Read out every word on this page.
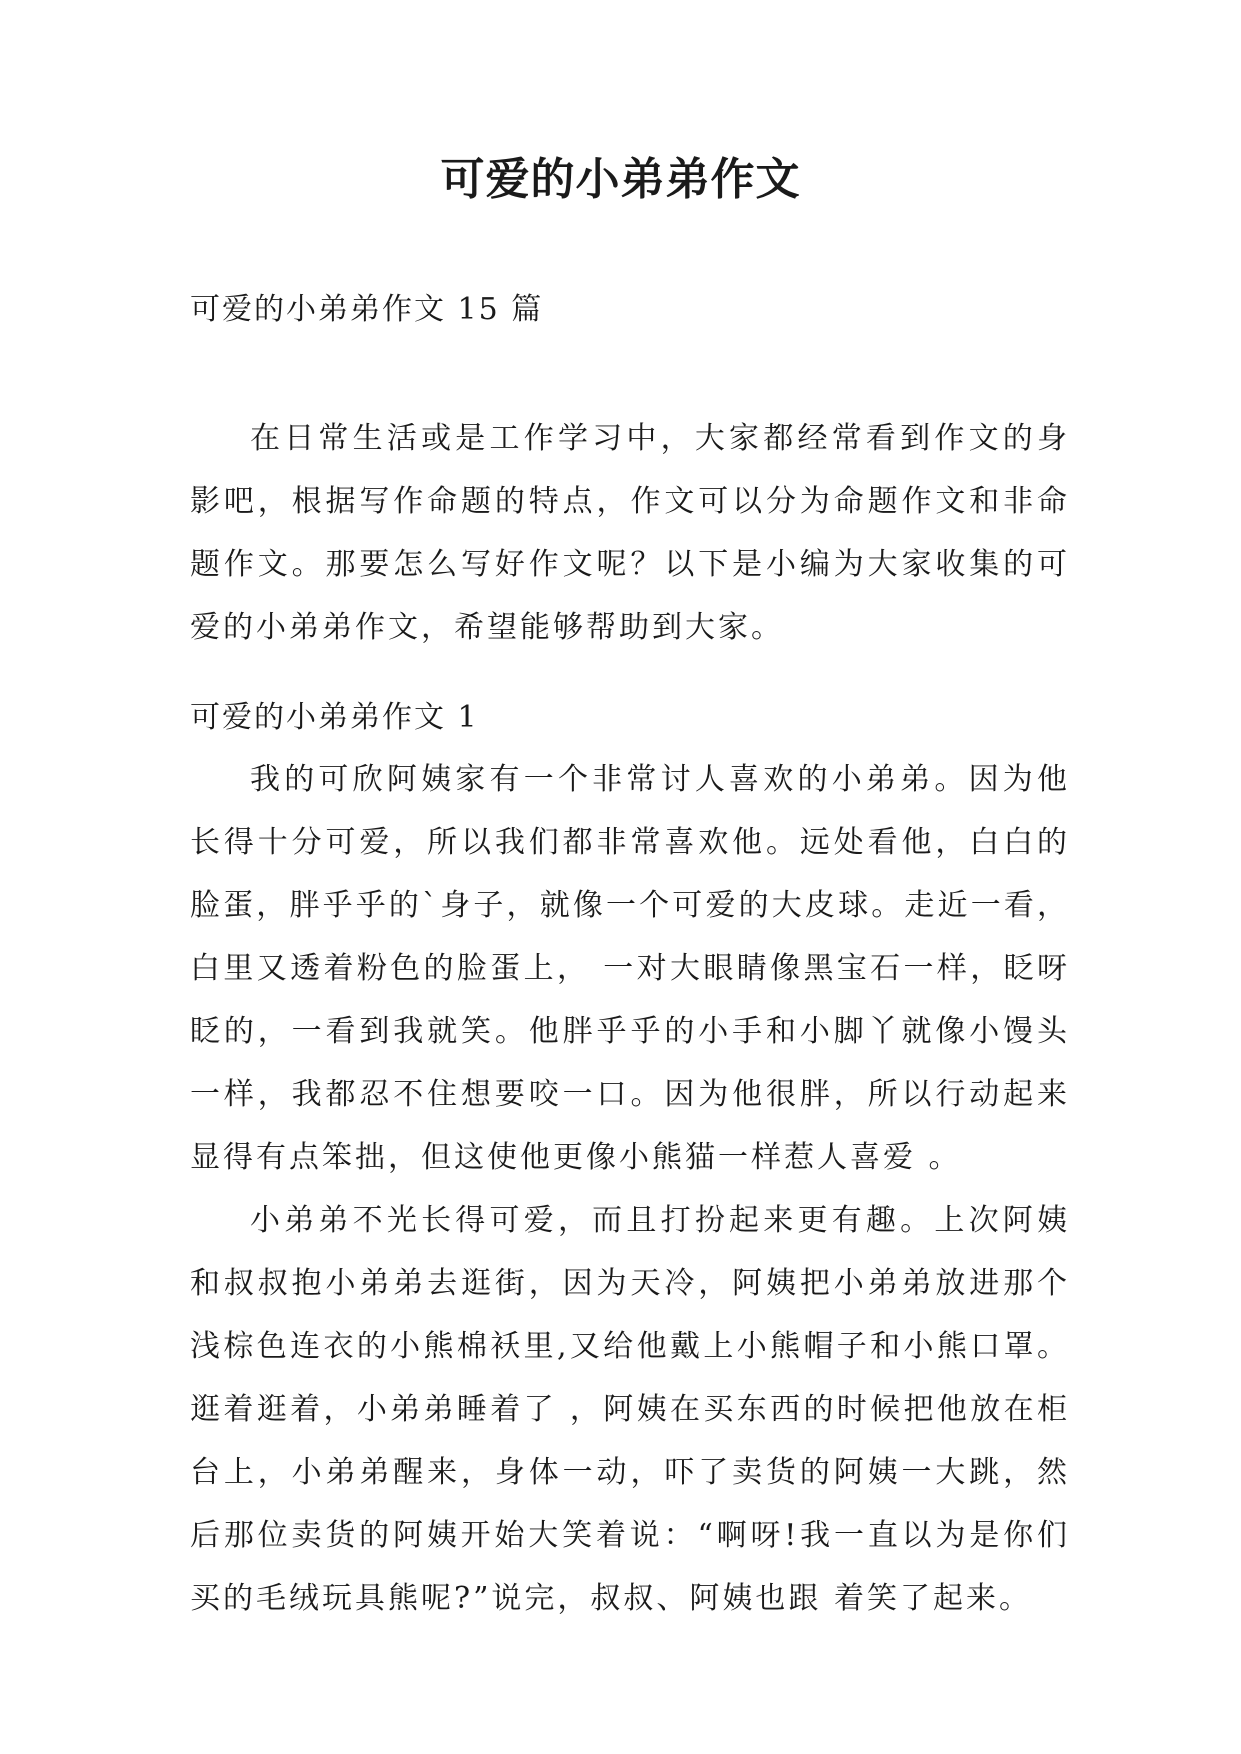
可爱的小弟弟作文

可爱的小弟弟作文 15 篇

在日常生活或是工作学习中，大家都经常看到作文的身影吧，根据写作命题的特点，作文可以分为命题作文和非命题作文。那要怎么写好作文呢？以下是小编为大家收集的可爱的小弟弟作文，希望能够帮助到大家。

可爱的小弟弟作文 1

我的可欣阿姨家有一个非常讨人喜欢的小弟弟。因为他长得十分可爱，所以我们都非常喜欢他。远处看他，白白的脸蛋，胖乎乎的`身子，就像一个可爱的大皮球。走近一看，白里又透着粉色的脸蛋上， 一对大眼睛像黑宝石一样，眨呀眨的，一看到我就笑。他胖乎乎的小手和小脚丫就像小馒头一样，我都忍不住想要咬一口。因为他很胖，所以行动起来显得有点笨拙，但这使他更像小熊猫一样惹人喜爱 。

小弟弟不光长得可爱，而且打扮起来更有趣。上次阿姨和叔叔抱小弟弟去逛街，因为天冷，阿姨把小弟弟放进那个浅棕色连衣的小熊棉袄里,又给他戴上小熊帽子和小熊口罩。逛着逛着，小弟弟睡着了 ，阿姨在买东西的时候把他放在柜台上，小弟弟醒来，身体一动，吓了卖货的阿姨一大跳，然后那位卖货的阿姨开始大笑着说：“啊呀!我一直以为是你们买的毛绒玩具熊呢?”说完，叔叔、阿姨也跟 着笑了起来。
